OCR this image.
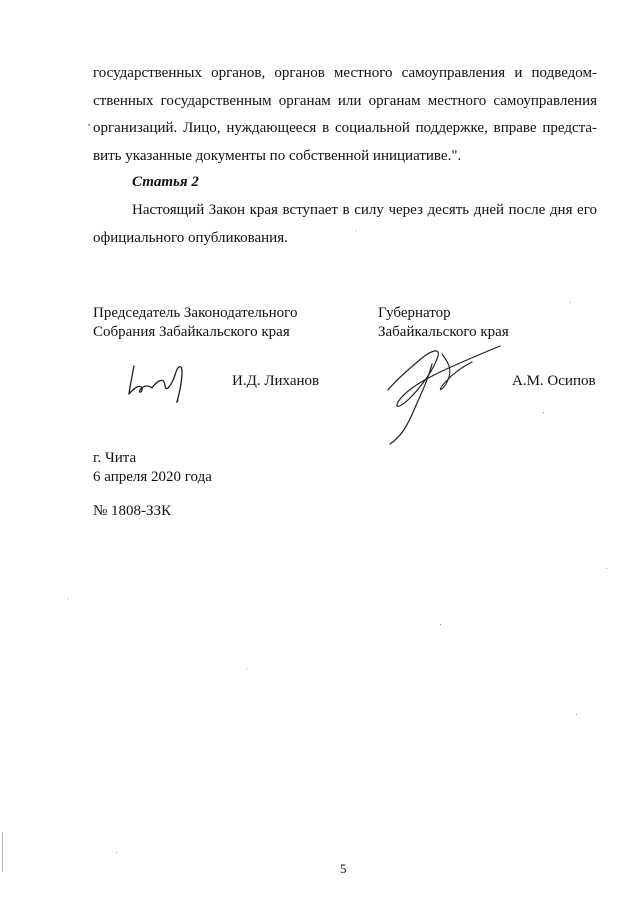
государственных органов, органов местного самоуправления и подведом-
ственных государственным органам или органам местного самоуправления
организаций. Лицо, нуждающееся в социальной поддержке, вправе предста-
вить указанные документы по собственной инициативе.".
Статья 2
Настоящий Закон края вступает в силу через десять дней после дня его
официального опубликования.
Председатель Законодательного
Собрания Забайкальского края
Губернатор
Забайкальского края
И.Д. Лиханов	А.М. Осипов
г. Чита
6 апреля 2020 года
№ 1808-ЗЗК
5
